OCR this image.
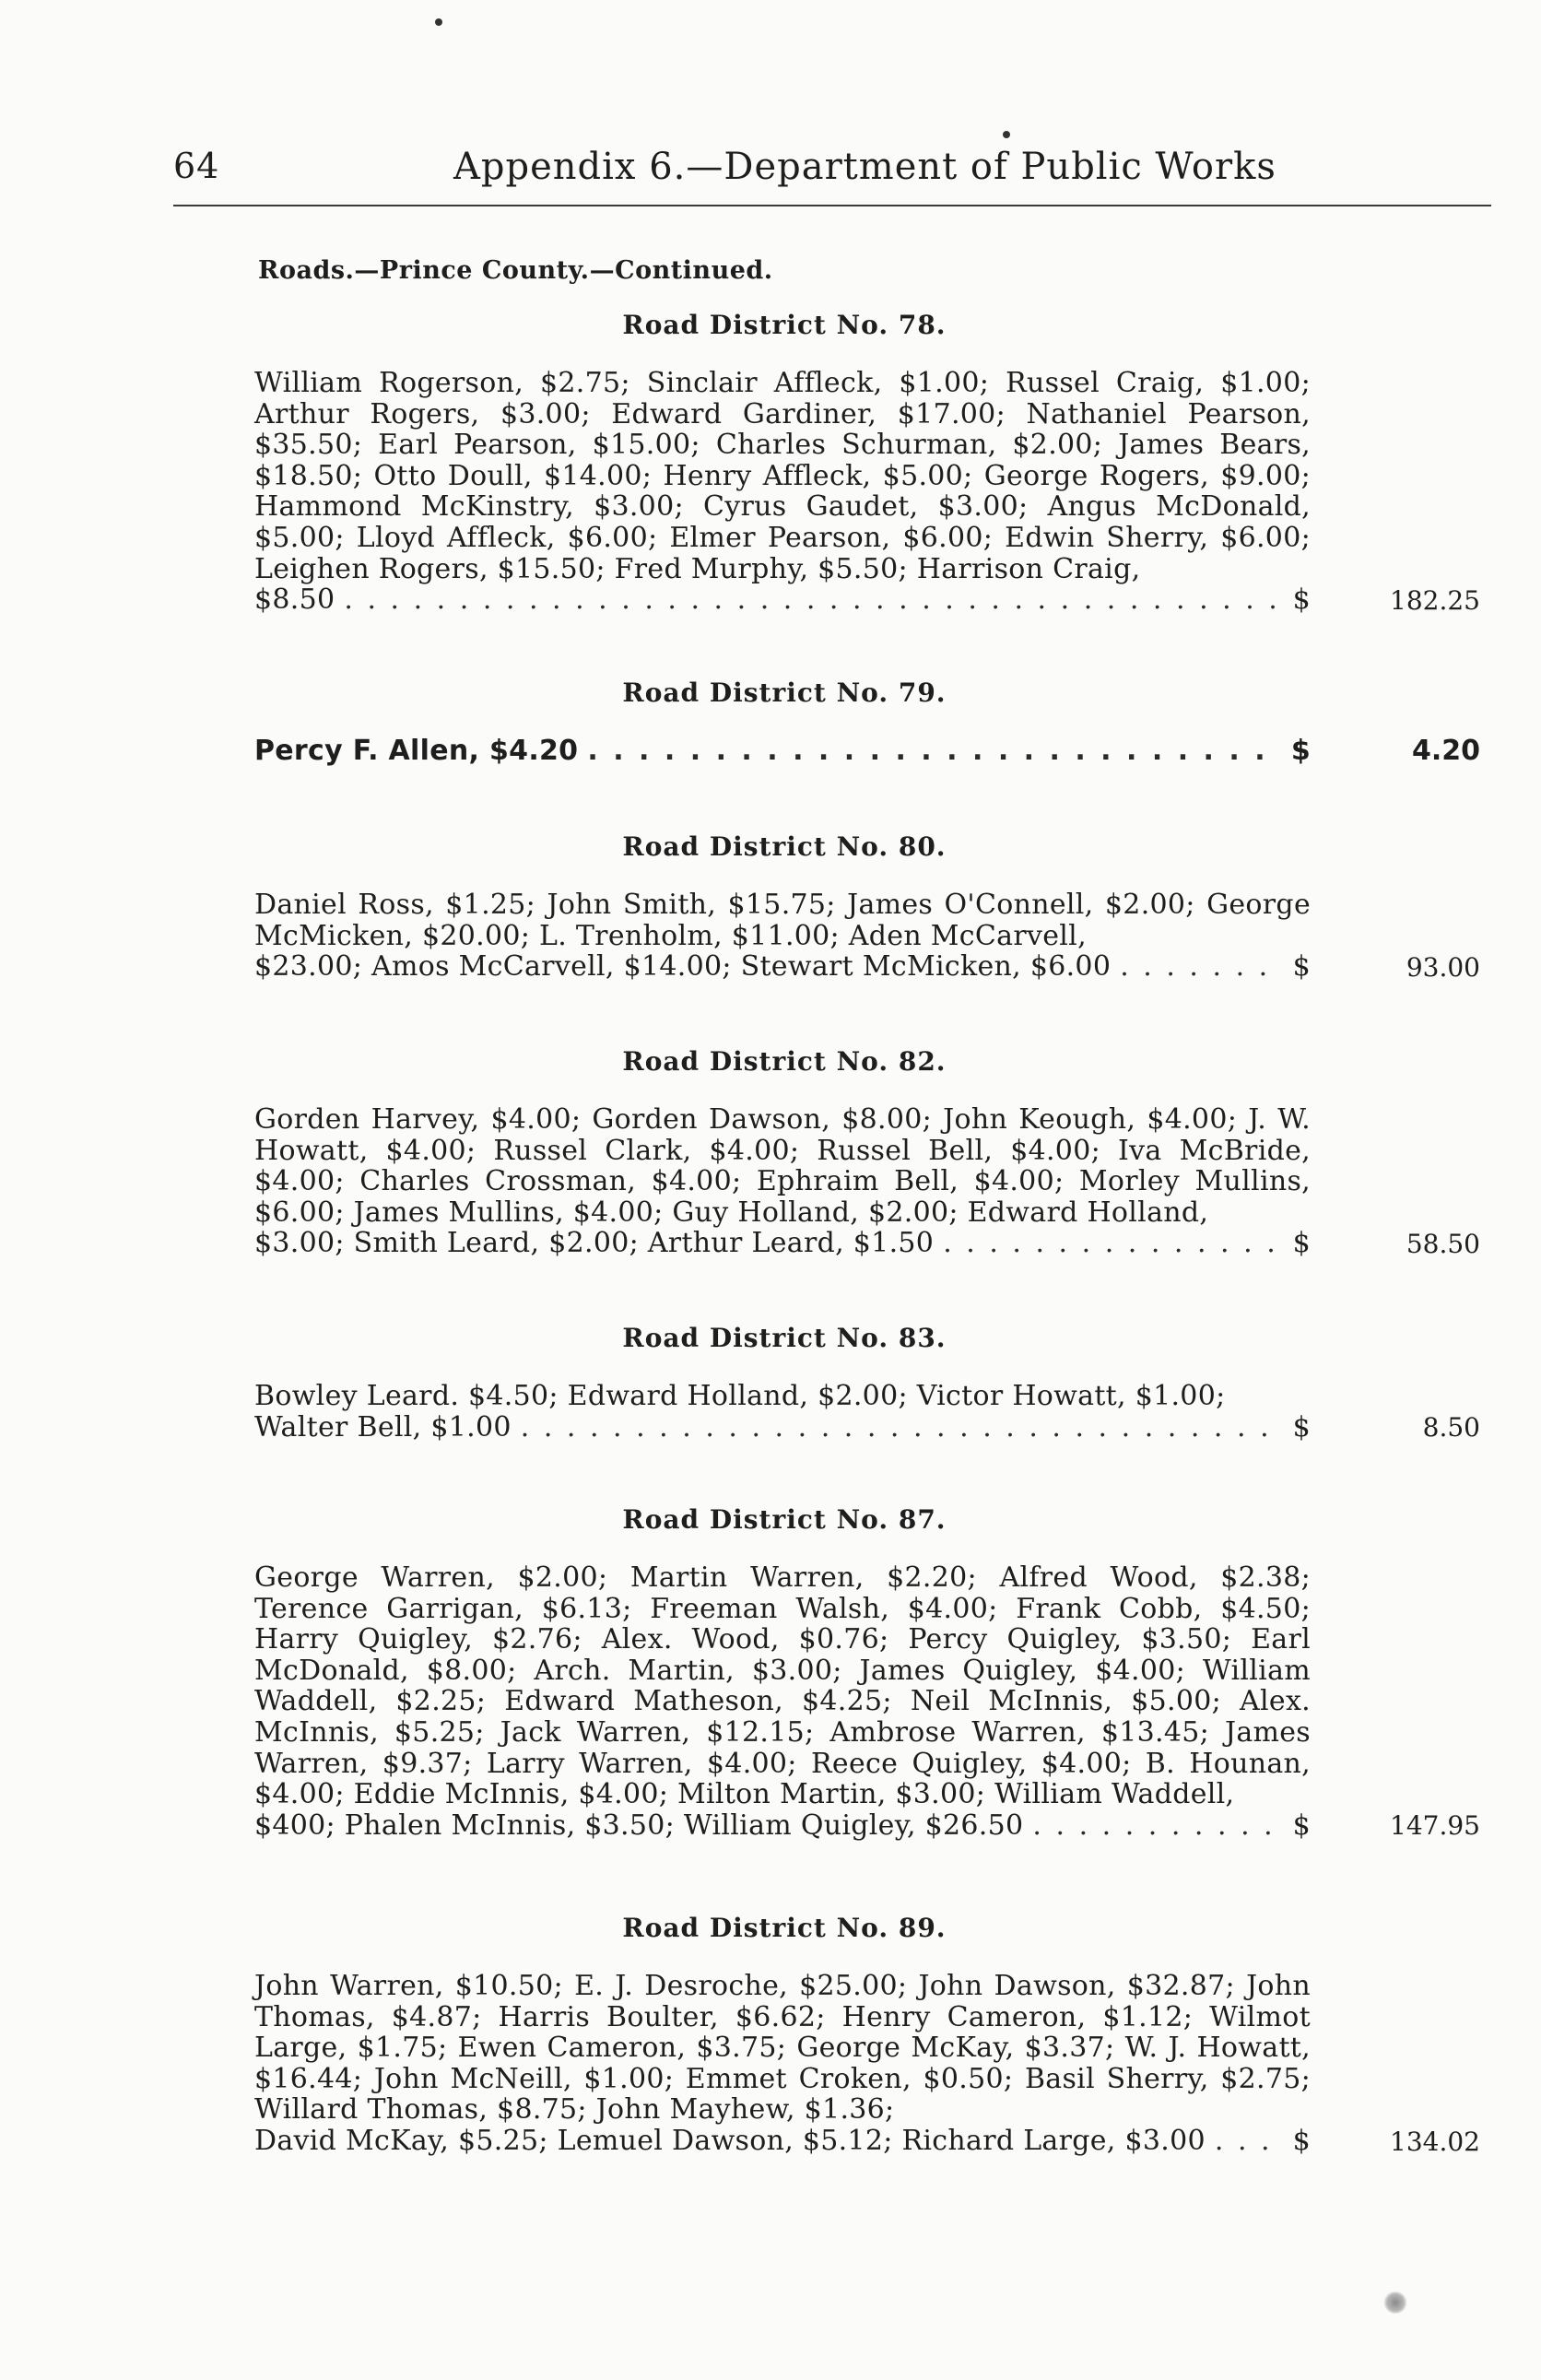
64	Appendix 6.—Department of Public Works
Roads.—Prince County.—Continued.
Road District No. 78.
William Rogerson, $2.75; Sinclair Affleck, $1.00; Russel Craig, $1.00; Arthur Rogers, $3.00; Edward Gardiner, $17.00; Nathaniel Pearson, $35.50; Earl Pearson, $15.00; Charles Schurman, $2.00; James Bears, $18.50; Otto Doull, $14.00; Henry Affleck, $5.00; George Rogers, $9.00; Hammond McKinstry, $3.00; Cyrus Gaudet, $3.00; Angus McDonald, $5.00; Lloyd Affleck, $6.00; Elmer Pearson, $6.00; Edwin Sherry, $6.00; Leighen Rogers, $15.50; Fred Murphy, $5.50; Harrison Craig,
$8.50 . . .	$	182.25
Road District No. 79.
Percy F. Allen, $4.20 . . .	$	4.20
Road District No. 80.
Daniel Ross, $1.25; John Smith, $15.75; James O'Connell, $2.00; George McMicken, $20.00; L. Trenholm, $11.00; Aden McCarvell,
$23.00; Amos McCarvell, $14.00; Stewart McMicken, $6.00 . . .	$	93.00
Road District No. 82.
Gorden Harvey, $4.00; Gorden Dawson, $8.00; John Keough, $4.00; J. W. Howatt, $4.00; Russel Clark, $4.00; Russel Bell, $4.00; Iva McBride, $4.00; Charles Crossman, $4.00; Ephraim Bell, $4.00; Morley Mullins, $6.00; James Mullins, $4.00; Guy Holland, $2.00; Edward Holland,
$3.00; Smith Leard, $2.00; Arthur Leard, $1.50 . . .	$	58.50
Road District No. 83.
Bowley Leard. $4.50; Edward Holland, $2.00; Victor Howatt, $1.00;
Walter Bell, $1.00 . . .	$	8.50
Road District No. 87.
George Warren, $2.00; Martin Warren, $2.20; Alfred Wood, $2.38; Terence Garrigan, $6.13; Freeman Walsh, $4.00; Frank Cobb, $4.50; Harry Quigley, $2.76; Alex. Wood, $0.76; Percy Quigley, $3.50; Earl McDonald, $8.00; Arch. Martin, $3.00; James Quigley, $4.00; William Waddell, $2.25; Edward Matheson, $4.25; Neil McInnis, $5.00; Alex. McInnis, $5.25; Jack Warren, $12.15; Ambrose Warren, $13.45; James Warren, $9.37; Larry Warren, $4.00; Reece Quigley, $4.00; B. Hounan, $4.00; Eddie McInnis, $4.00; Milton Martin, $3.00; William Waddell,
$400; Phalen McInnis, $3.50; William Quigley, $26.50 . . .	$	147.95
Road District No. 89.
John Warren, $10.50; E. J. Desroche, $25.00; John Dawson, $32.87; John Thomas, $4.87; Harris Boulter, $6.62; Henry Cameron, $1.12; Wilmot Large, $1.75; Ewen Cameron, $3.75; George McKay, $3.37; W. J. Howatt, $16.44; John McNeill, $1.00; Emmet Croken, $0.50; Basil Sherry, $2.75; Willard Thomas, $8.75; John Mayhew, $1.36;
David McKay, $5.25; Lemuel Dawson, $5.12; Richard Large, $3.00 . . .	$	134.02
